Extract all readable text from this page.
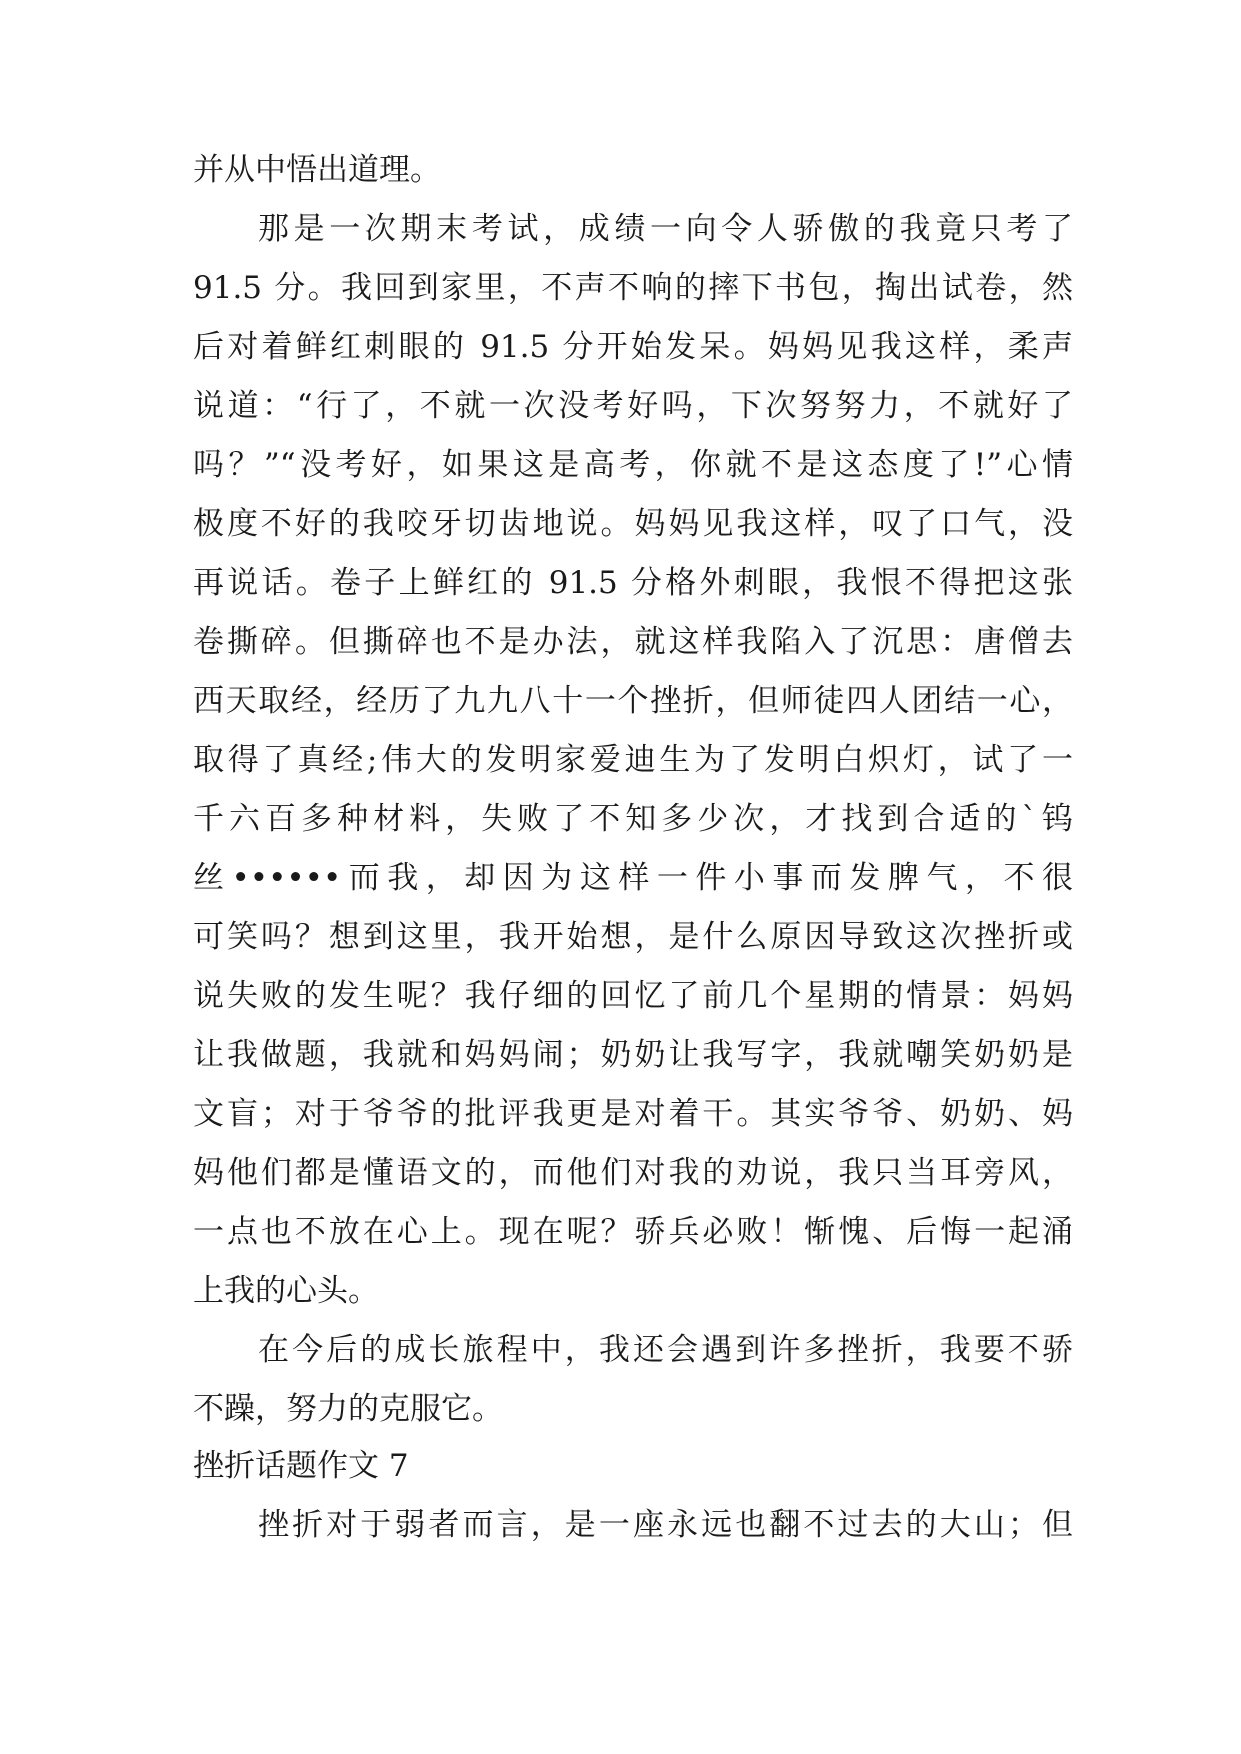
并从中悟出道理。
那是一次期末考试，成绩一向令人骄傲的我竟只考了
91.5 分。我回到家里，不声不响的摔下书包，掏出试卷，然
后对着鲜红刺眼的 91.5 分开始发呆。妈妈见我这样，柔声
说道：“行了，不就一次没考好吗，下次努努力，不就好了
吗？”“没考好，如果这是高考，你就不是这态度了!”心情
极度不好的我咬牙切齿地说。妈妈见我这样，叹了口气，没
再说话。卷子上鲜红的 91.5 分格外刺眼，我恨不得把这张
卷撕碎。但撕碎也不是办法，就这样我陷入了沉思：唐僧去
西天取经，经历了九九八十一个挫折，但师徒四人团结一心，
取得了真经;伟大的发明家爱迪生为了发明白炽灯，试了一
千六百多种材料，失败了不知多少次，才找到合适的`钨
丝••••••而我，却因为这样一件小事而发脾气，不很
可笑吗？想到这里，我开始想，是什么原因导致这次挫折或
说失败的发生呢？我仔细的回忆了前几个星期的情景：妈妈
让我做题，我就和妈妈闹；奶奶让我写字，我就嘲笑奶奶是
文盲；对于爷爷的批评我更是对着干。其实爷爷、奶奶、妈
妈他们都是懂语文的，而他们对我的劝说，我只当耳旁风，
一点也不放在心上。现在呢？骄兵必败！惭愧、后悔一起涌
上我的心头。
在今后的成长旅程中，我还会遇到许多挫折，我要不骄
不躁，努力的克服它。
挫折话题作文 7
挫折对于弱者而言，是一座永远也翻不过去的大山；但
